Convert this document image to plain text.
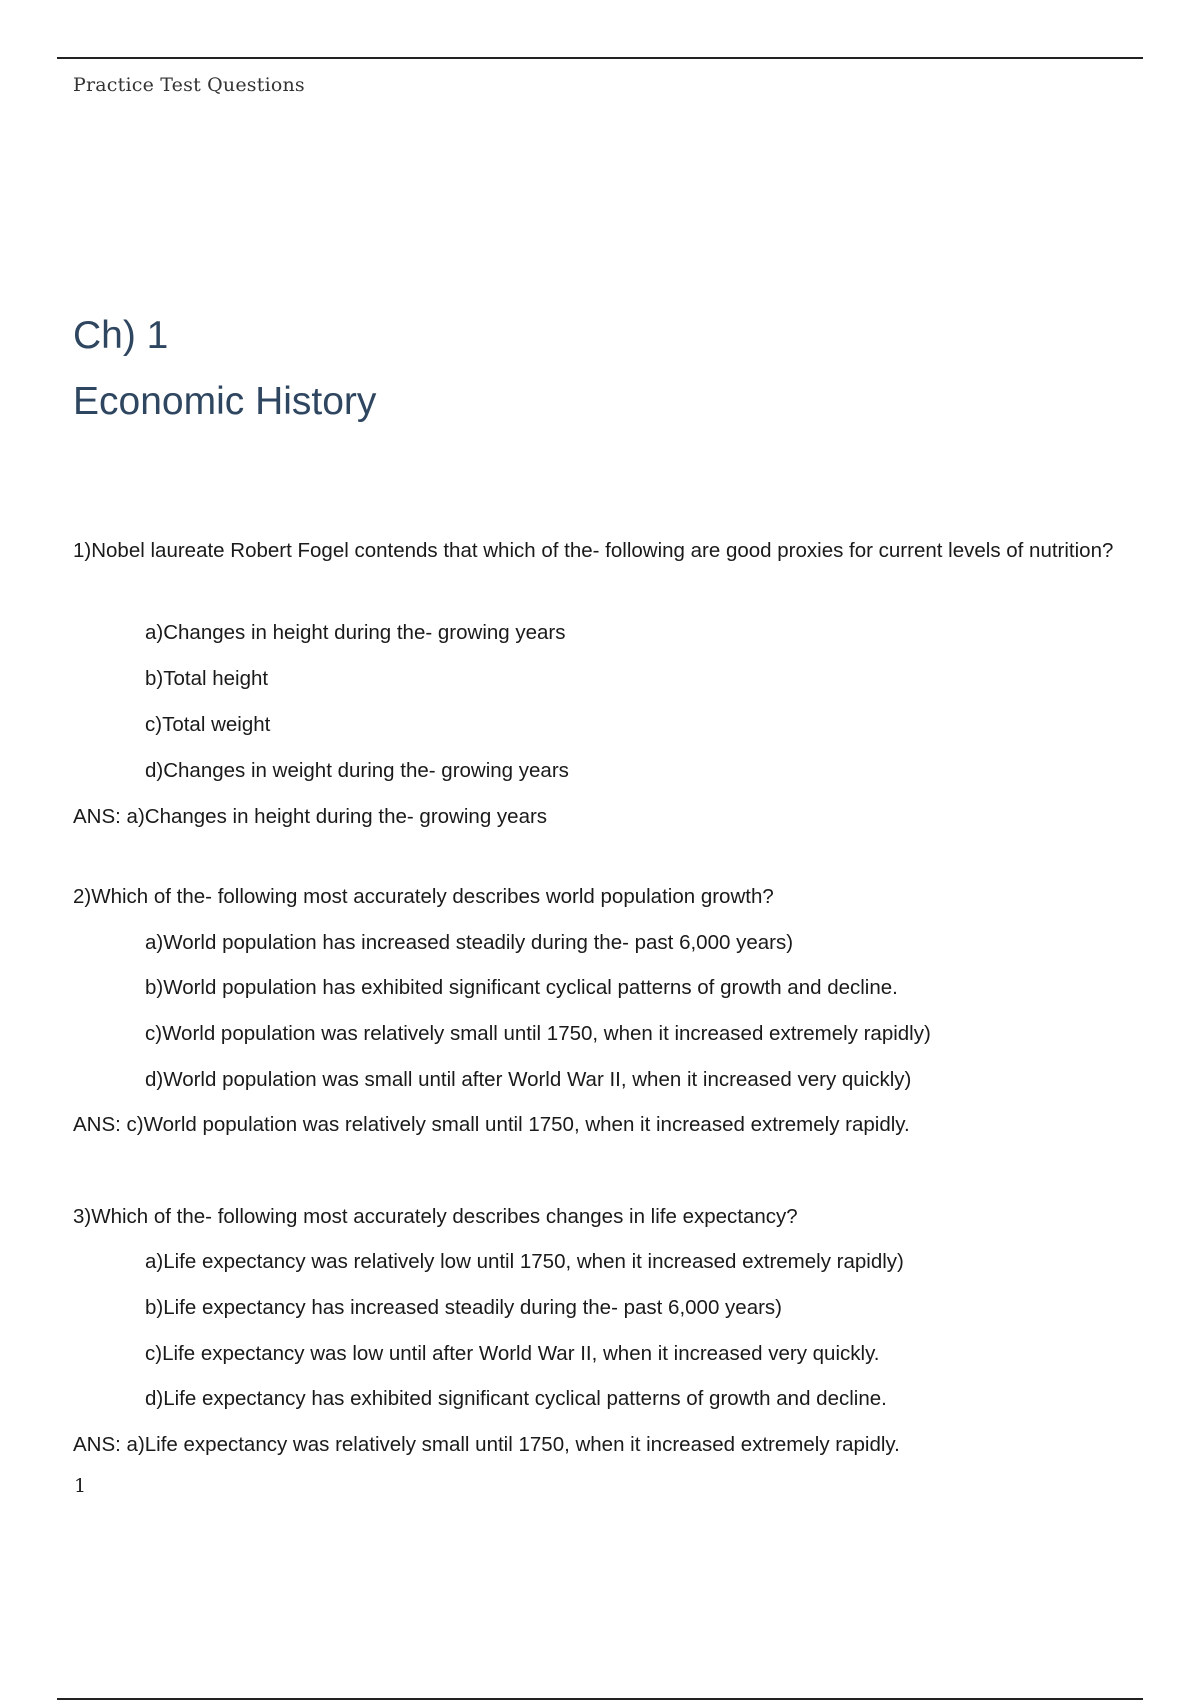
Practice Test Questions
Ch) 1
Economic History

1)Nobel laureate Robert Fogel contends that which of the- following are good proxies for current levels of nutrition?

a)Changes in height during the- growing years
b)Total height
c)Total weight
d)Changes in weight during the- growing years
ANS: a)Changes in height during the- growing years

2)Which of the- following most accurately describes world population growth?

a)World population has increased steadily during the- past 6,000 years)
b)World population has exhibited significant cyclical patterns of growth and decline.
c)World population was relatively small until 1750, when it increased extremely rapidly)
d)World population was small until after World War II, when it increased very quickly)
ANS: c)World population was relatively small until 1750, when it increased extremely rapidly.

3)Which of the- following most accurately describes changes in life expectancy?

a)Life expectancy was relatively low until 1750, when it increased extremely rapidly)
b)Life expectancy has increased steadily during the- past 6,000 years)
c)Life expectancy was low until after World War II, when it increased very quickly.
d)Life expectancy has exhibited significant cyclical patterns of growth and decline.
ANS: a)Life expectancy was relatively small until 1750, when it increased extremely rapidly.
1
